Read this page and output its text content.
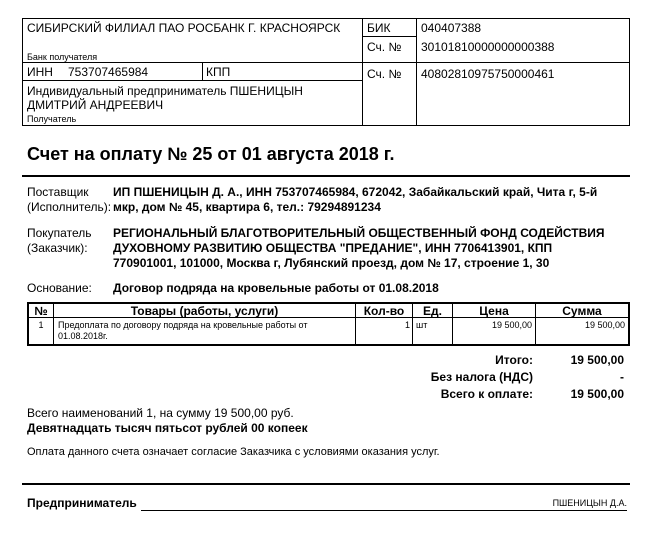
СИБИРСКИЙ ФИЛИАЛ ПАО РОСБАНК Г. КРАСНОЯРСК
Банк получателя
БИК	040407388
Сч. № 30101810000000000388
ИНН 753707465984	КПП	Сч. № 40802810975750000461
Индивидуальный предприниматель ПШЕНИЦЫН
ДМИТРИЙ АНДРЕЕВИЧ
Получатель
Счет на оплату № 25 от 01 августа 2018 г.
Поставщик
(Исполнитель):
ИП ПШЕНИЦЫН Д. А., ИНН 753707465984, 672042, Забайкальский край, Чита г, 5-й
мкр, дом № 45, квартира 6, тел.: 79294891234
Покупатель
(Заказчик):
РЕГИОНАЛЬНЫЙ БЛАГОТВОРИТЕЛЬНЫЙ ОБЩЕСТВЕННЫЙ ФОНД СОДЕЙСТВИЯ
ДУХОВНОМУ РАЗВИТИЮ ОБЩЕСТВА "ПРЕДАНИЕ", ИНН 7706413901, КПП
770901001, 101000, Москва г, Лубянский проезд, дом № 17, строение 1, 30
Основание: Договор подряда на кровельные работы от 01.08.2018
№	Товары (работы, услуги)	Кол-во	Ед.	Цена	Сумма
1	Предоплата по договору подряда на кровельные работы от
01.08.2018г.
1 шт	19 500,00	19 500,00
Итого:	19 500,00
Без налога (НДС)	-
Всего к оплате:	19 500,00
Всего наименований 1, на сумму 19 500,00 руб.
Девятнадцать тысяч пятьсот рублей 00 копеек
Оплата данного счета означает согласие Заказчика с условиями оказания услуг.
Предприниматель	ПШЕНИЦЫН Д.А.
